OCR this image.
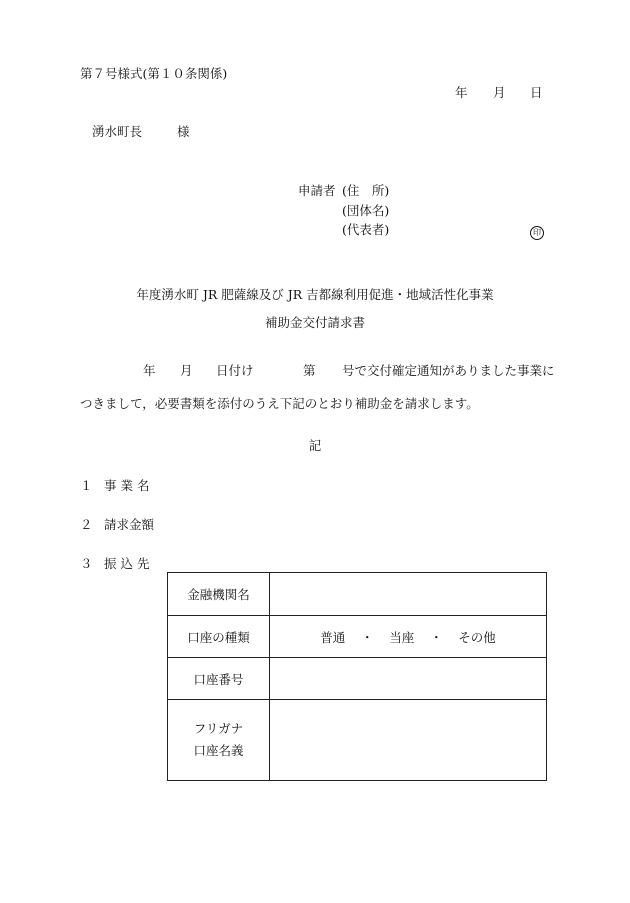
第７号様式(第１０条関係)
年 月 日
湧水町長	様
申請者 (住　所)
(団体名)
(代表者)	印
年度湧水町 JR 肥薩線及び JR 吉都線利用促進・地域活性化事業
補助金交付請求書
年 月 日付け	第 号で交付確定通知がありました事業に
つきまして，必要書類を添付のうえ下記のとおり補助金を請求します。
記
１ 事 業 名
２ 請求金額
３ 振 込 先
金融機関名	
口座の種類	普通 ・ 当座 ・ その他
口座番号	

フリガナ
口座名義	
